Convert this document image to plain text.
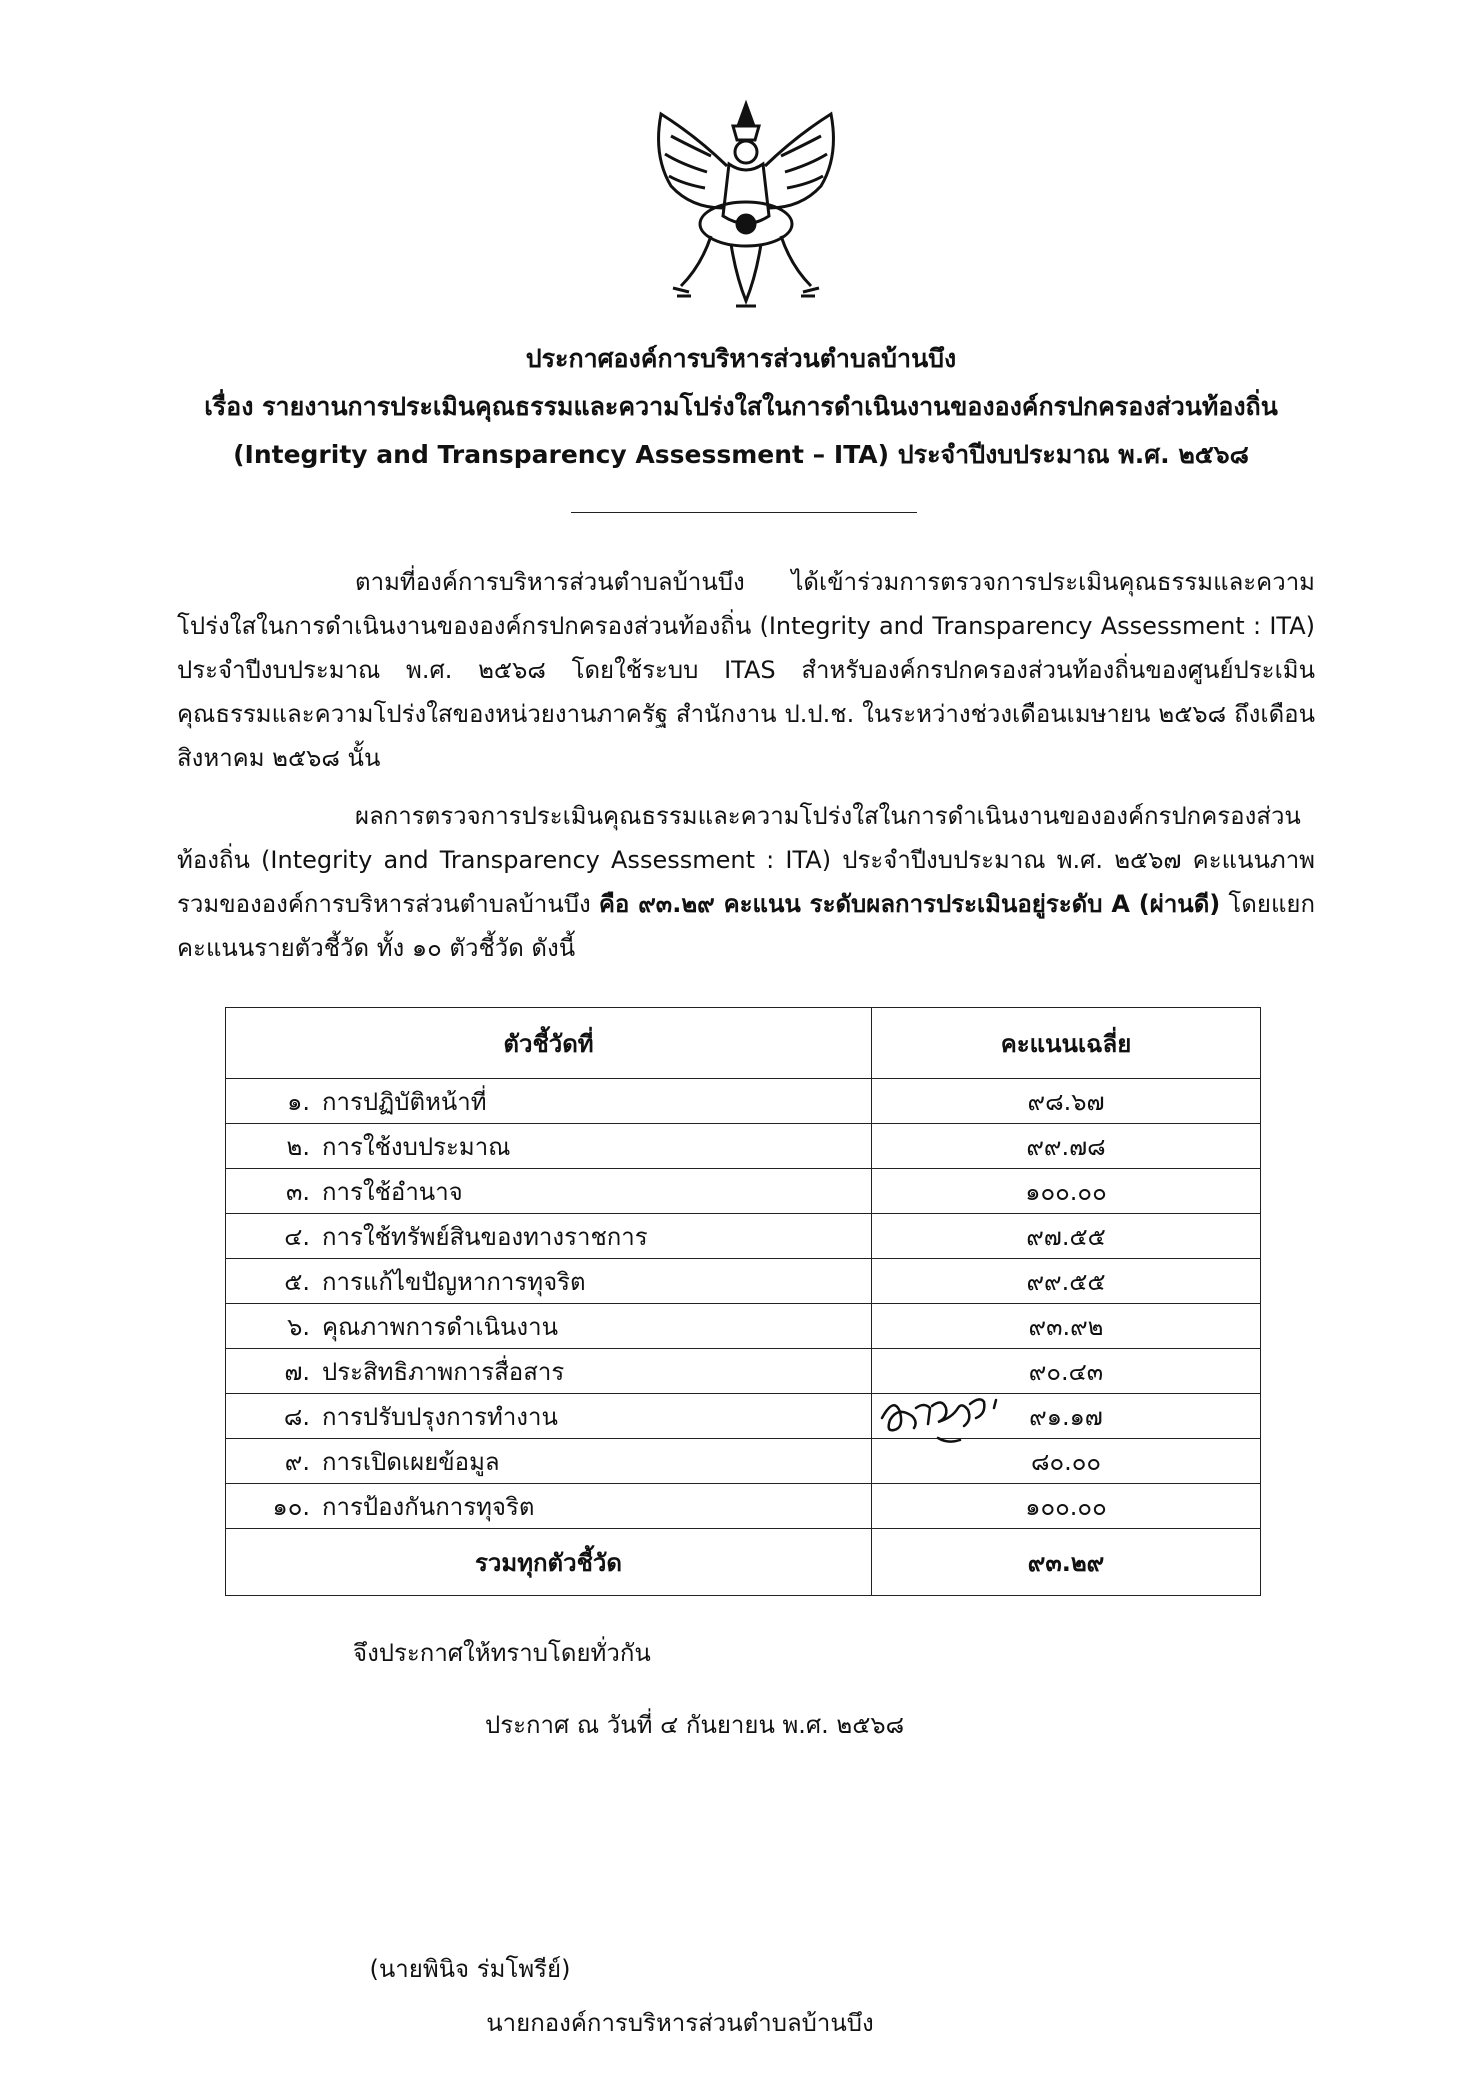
ประกาศองค์การบริหารส่วนตำบลบ้านบึง
เรื่อง รายงานการประเมินคุณธรรมและความโปร่งใสในการดำเนินงานขององค์กรปกครองส่วนท้องถิ่น
(Integrity and Transparency Assessment – ITA) ประจำปีงบประมาณ พ.ศ. ๒๕๖๘

ตามที่องค์การบริหารส่วนตำบลบ้านบึง ได้เข้าร่วมการตรวจการประเมินคุณธรรมและความโปร่งใสในการดำเนินงานขององค์กรปกครองส่วนท้องถิ่น (Integrity and Transparency Assessment : ITA) ประจำปีงบประมาณ พ.ศ. ๒๕๖๘ โดยใช้ระบบ ITAS สำหรับองค์กรปกครองส่วนท้องถิ่นของศูนย์ประเมินคุณธรรมและความโปร่งใสของหน่วยงานภาครัฐ สำนักงาน ป.ป.ช. ในระหว่างช่วงเดือนเมษายน ๒๕๖๘ ถึงเดือน สิงหาคม ๒๕๖๘ นั้น

ผลการตรวจการประเมินคุณธรรมและความโปร่งใสในการดำเนินงานขององค์กรปกครองส่วนท้องถิ่น (Integrity and Transparency Assessment : ITA) ประจำปีงบประมาณ พ.ศ. ๒๕๖๗ คะแนนภาพรวมขององค์การบริหารส่วนตำบลบ้านบึง คือ ๙๓.๒๙ คะแนน ระดับผลการประเมินอยู่ระดับ A (ผ่านดี) โดยแยกคะแนนรายตัวชี้วัด ทั้ง ๑๐ ตัวชี้วัด ดังนี้

ตัวชี้วัดที่		คะแนนเฉลี่ย
๑.	การปฏิบัติหน้าที่	๙๘.๖๗
๒.	การใช้งบประมาณ	๙๙.๗๘
๓.	การใช้อำนาจ	๑๐๐.๐๐
๔.	การใช้ทรัพย์สินของทางราชการ	๙๗.๕๕
๕.	การแก้ไขปัญหาการทุจริต	๙๙.๕๕
๖.	คุณภาพการดำเนินงาน	๙๓.๙๒
๗.	ประสิทธิภาพการสื่อสาร	๙๐.๔๓
๘.	การปรับปรุงการทำงาน	๙๑.๑๗
๙.	การเปิดเผยข้อมูล	๘๐.๐๐
๑๐.	การป้องกันการทุจริต	๑๐๐.๐๐
รวมทุกตัวชี้วัด		๙๓.๒๙
จึงประกาศให้ทราบโดยทั่วกัน
ประกาศ ณ วันที่ ๔ กันยายน พ.ศ. ๒๕๖๘
(นายพินิจ ร่มโพรีย์)
นายกองค์การบริหารส่วนตำบลบ้านบึง
